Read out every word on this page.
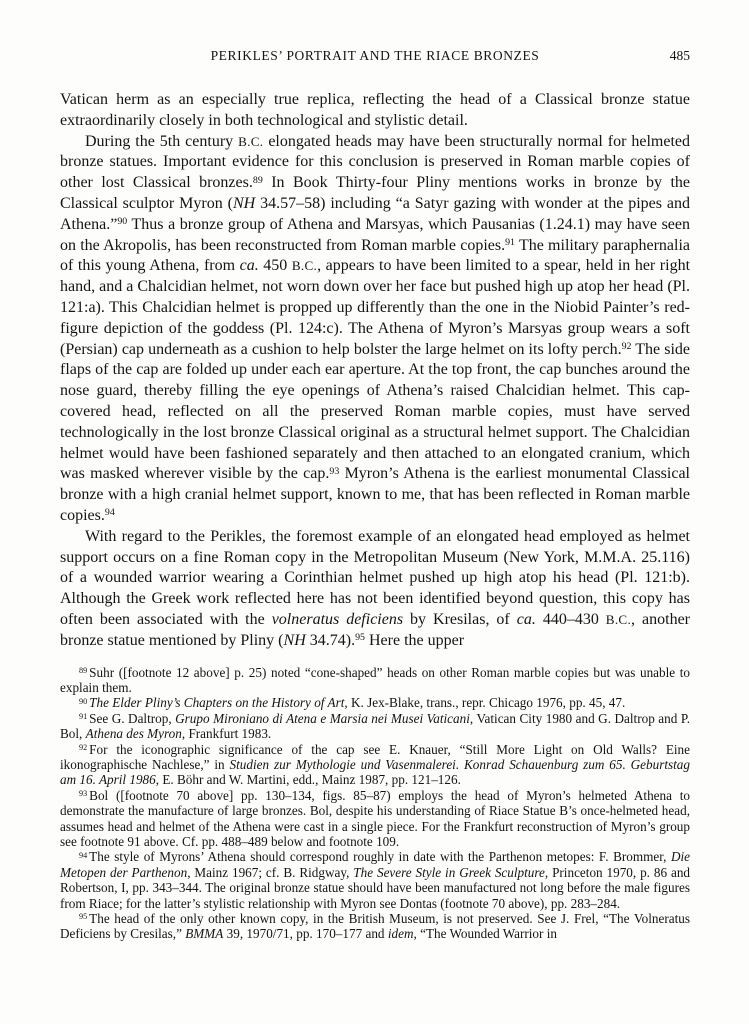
PERIKLES’ PORTRAIT AND THE RIACE BRONZES	485

Vatican herm as an especially true replica, reflecting the head of a Classical bronze statue extraordinarily closely in both technological and stylistic detail.

During the 5th century B.C. elongated heads may have been structurally normal for helmeted bronze statues. Important evidence for this conclusion is preserved in Roman marble copies of other lost Classical bronzes.$^{89}$ In Book Thirty-four Pliny mentions works in bronze by the Classical sculptor Myron (NH 34.57–58) including “a Satyr gazing with wonder at the pipes and Athena.”$^{90}$ Thus a bronze group of Athena and Marsyas, which Pausanias (1.24.1) may have seen on the Akropolis, has been reconstructed from Roman marble copies.$^{91}$ The military paraphernalia of this young Athena, from ca. 450 B.C., appears to have been limited to a spear, held in her right hand, and a Chalcidian helmet, not worn down over her face but pushed high up atop her head (Pl. 121:a). This Chalcidian helmet is propped up differently than the one in the Niobid Painter’s red-figure depiction of the goddess (Pl. 124:c). The Athena of Myron’s Marsyas group wears a soft (Persian) cap underneath as a cushion to help bolster the large helmet on its lofty perch.$^{92}$ The side flaps of the cap are folded up under each ear aperture. At the top front, the cap bunches around the nose guard, thereby filling the eye openings of Athena’s raised Chalcidian helmet. This cap-covered head, reflected on all the preserved Roman marble copies, must have served technologically in the lost bronze Classical original as a structural helmet support. The Chalcidian helmet would have been fashioned separately and then attached to an elongated cranium, which was masked wherever visible by the cap.$^{93}$ Myron’s Athena is the earliest monumental Classical bronze with a high cranial helmet support, known to me, that has been reflected in Roman marble copies.$^{94}$

With regard to the Perikles, the foremost example of an elongated head employed as helmet support occurs on a fine Roman copy in the Metropolitan Museum (New York, M.M.A. 25.116) of a wounded warrior wearing a Corinthian helmet pushed up high atop his head (Pl. 121:b). Although the Greek work reflected here has not been identified beyond question, this copy has often been associated with the volneratus deficiens by Kresilas, of ca. 440–430 B.C., another bronze statue mentioned by Pliny (NH 34.74).$^{95}$ Here the upper

$^{89}$ Suhr ([footnote 12 above] p. 25) noted “cone-shaped” heads on other Roman marble copies but was unable to explain them.

$^{90}$ The Elder Pliny’s Chapters on the History of Art, K. Jex-Blake, trans., repr. Chicago 1976, pp. 45, 47.

$^{91}$ See G. Daltrop, Grupo Mironiano di Atena e Marsia nei Musei Vaticani, Vatican City 1980 and G. Daltrop and P. Bol, Athena des Myron, Frankfurt 1983.

$^{92}$ For the iconographic significance of the cap see E. Knauer, “Still More Light on Old Walls? Eine ikonographische Nachlese,” in Studien zur Mythologie und Vasenmalerei. Konrad Schauenburg zum 65. Geburtstag am 16. April 1986, E. Böhr and W. Martini, edd., Mainz 1987, pp. 121–126.

$^{93}$ Bol ([footnote 70 above] pp. 130–134, figs. 85–87) employs the head of Myron’s helmeted Athena to demonstrate the manufacture of large bronzes. Bol, despite his understanding of Riace Statue B’s once-helmeted head, assumes head and helmet of the Athena were cast in a single piece. For the Frankfurt reconstruction of Myron’s group see footnote 91 above. Cf. pp. 488–489 below and footnote 109.

$^{94}$ The style of Myrons’ Athena should correspond roughly in date with the Parthenon metopes: F. Brommer, Die Metopen der Parthenon, Mainz 1967; cf. B. Ridgway, The Severe Style in Greek Sculpture, Princeton 1970, p. 86 and Robertson, I, pp. 343–344. The original bronze statue should have been manufactured not long before the male figures from Riace; for the latter’s stylistic relationship with Myron see Dontas (footnote 70 above), pp. 283–284.

$^{95}$ The head of the only other known copy, in the British Museum, is not preserved. See J. Frel, “The Volneratus Deficiens by Cresilas,” BMMA 39, 1970/71, pp. 170–177 and idem, “The Wounded Warrior in
